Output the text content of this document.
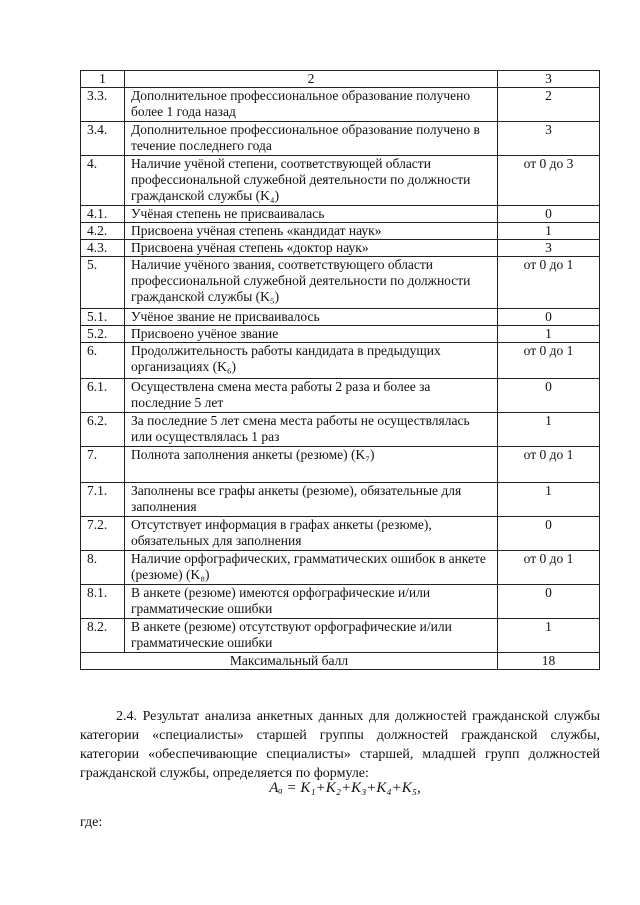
1	2	3
3.3.	Дополнительное профессиональное образование получено более 1 года назад	2
3.4.	Дополнительное профессиональное образование получено в течение последнего года	3
4.	Наличие учёной степени, соответствующей области профессиональной служебной деятельности по должности гражданской службы (K₄)	от 0 до 3
4.1.	Учёная степень не присваивалась	0
4.2.	Присвоена учёная степень «кандидат наук»	1
4.3.	Присвоена учёная степень «доктор наук»	3
5.	Наличие учёного звания, соответствующего области профессиональной служебной деятельности по должности гражданской службы (K₅)	от 0 до 1
5.1.	Учёное звание не присваивалось	0
5.2.	Присвоено учёное звание	1
6.	Продолжительность работы кандидата в предыдущих организациях (K₆)	от 0 до 1
6.1.	Осуществлена смена места работы 2 раза и более за последние 5 лет	0
6.2.	За последние 5 лет смена места работы не осуществлялась или осуществлялась 1 раз	1
7.	Полнота заполнения анкеты (резюме) (K₇)	от 0 до 1
7.1.	Заполнены все графы анкеты (резюме), обязательные для заполнения	1
7.2.	Отсутствует информация в графах анкеты (резюме), обязательных для заполнения	0
8.	Наличие орфографических, грамматических ошибок в анкете (резюме) (K₈)	от 0 до 1
8.1.	В анкете (резюме) имеются орфографические и/или грамматические ошибки	0
8.2.	В анкете (резюме) отсутствуют орфографические и/или грамматические ошибки	1
Максимальный балл		18

2.4. Результат анализа анкетных данных для должностей гражданской службы категории «специалисты» старшей группы должностей гражданской службы, категории «обеспечивающие специалисты» старшей, младшей групп должностей гражданской службы, определяется по формуле:

Aₐ = K₁+K₂+K₃+K₄+K₅,
где:
